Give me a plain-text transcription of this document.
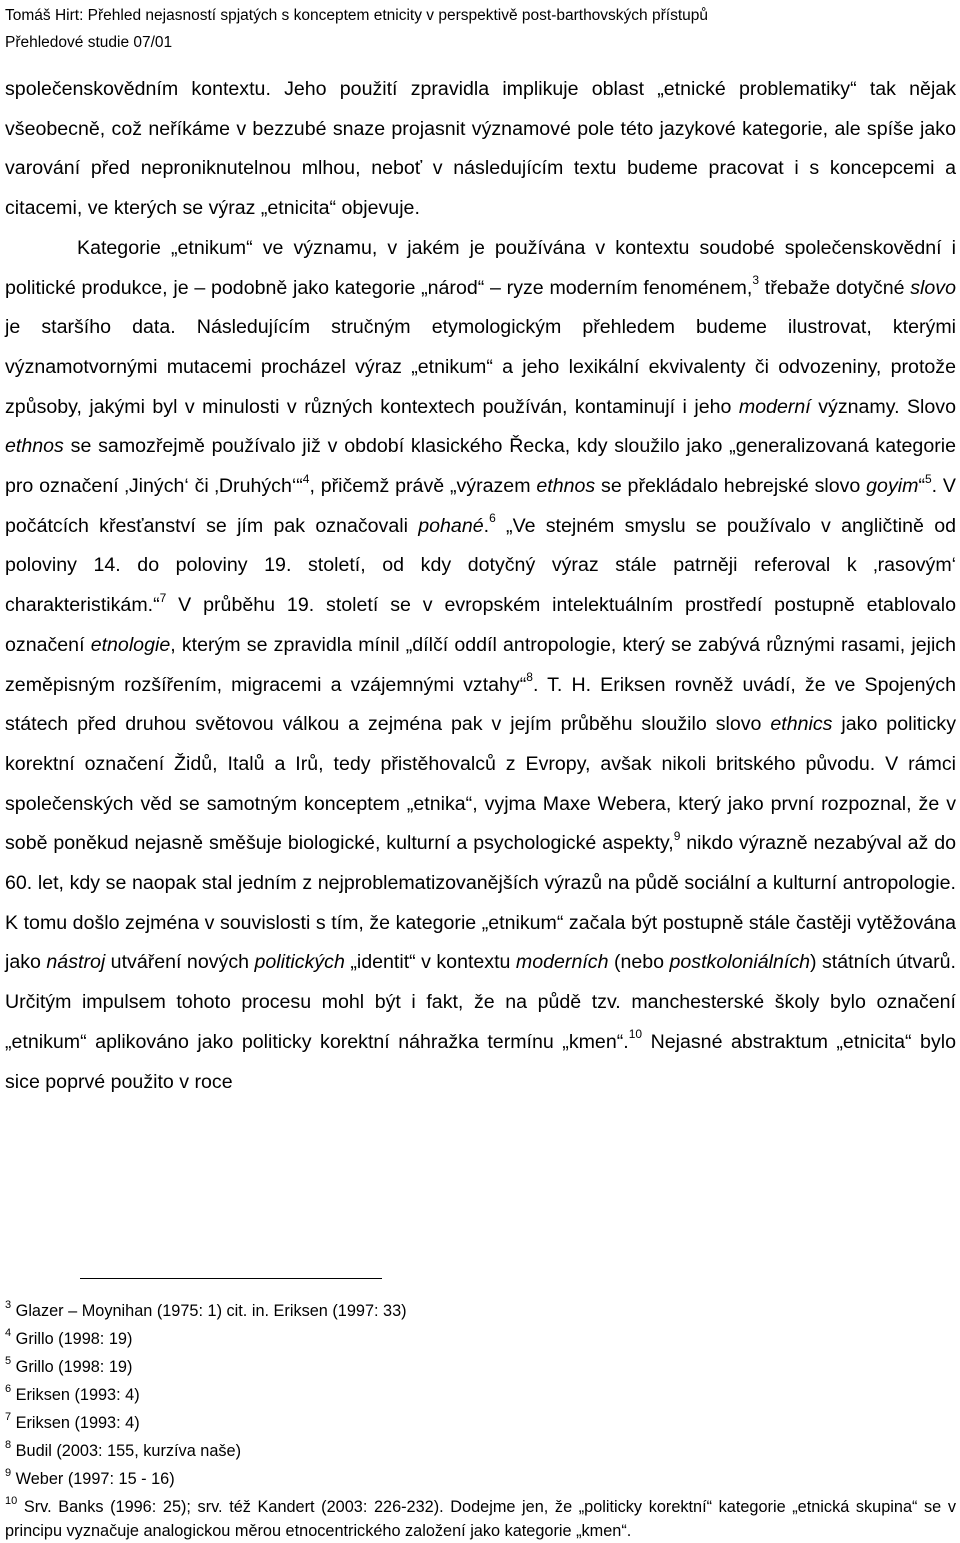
Tomáš Hirt: Přehled nejasností spjatých s konceptem etnicity v perspektivě post-barthovských přístupů
Přehledové studie 07/01

společenskovědním kontextu. Jeho použití zpravidla implikuje oblast „etnické problematiky“ tak nějak všeobecně, což neříkáme v bezzubé snaze projasnit významové pole této jazykové kategorie, ale spíše jako varování před neproniknutelnou mlhou, neboť v následujícím textu budeme pracovat i s koncepcemi a citacemi, ve kterých se výraz „etnicita“ objevuje.

Kategorie „etnikum“ ve významu, v jakém je používána v kontextu soudobé společenskovědní i politické produkce, je – podobně jako kategorie „národ“ – ryze moderním fenoménem,$^3$ třebaže dotyčné slovo je staršího data. Následujícím stručným etymologickým přehledem budeme ilustrovat, kterými významotvornými mutacemi procházel výraz „etnikum“ a jeho lexikální ekvivalenty či odvozeniny, protože způsoby, jakými byl v minulosti v různých kontextech používán, kontaminují i jeho moderní významy. Slovo ethnos se samozřejmě používalo již v období klasického Řecka, kdy sloužilo jako „generalizovaná kategorie pro označení ‚Jiných‘ či ‚Druhých‘“$^4$, přičemž právě „výrazem ethnos se překládalo hebrejské slovo goyim“$^5$. V počátcích křesťanství se jím pak označovali pohané.$^6$ „Ve stejném smyslu se používalo v angličtině od poloviny 14. do poloviny 19. století, od kdy dotyčný výraz stále patrněji referoval k ‚rasovým‘ charakteristikám.“$^7$ V průběhu 19. století se v evropském intelektuálním prostředí postupně etablovalo označení etnologie, kterým se zpravidla mínil „dílčí oddíl antropologie, který se zabývá různými rasami, jejich zeměpisným rozšířením, migracemi a vzájemnými vztahy“$^8$. T. H. Eriksen rovněž uvádí, že ve Spojených státech před druhou světovou válkou a zejména pak v jejím průběhu sloužilo slovo ethnics jako politicky korektní označení Židů, Italů a Irů, tedy přistěhovalců z Evropy, avšak nikoli britského původu. V rámci společenských věd se samotným konceptem „etnika“, vyjma Maxe Webera, který jako první rozpoznal, že v sobě poněkud nejasně směšuje biologické, kulturní a psychologické aspekty,$^9$ nikdo výrazně nezabýval až do 60. let, kdy se naopak stal jedním z nejproblematizovanějších výrazů na půdě sociální a kulturní antropologie. K tomu došlo zejména v souvislosti s tím, že kategorie „etnikum“ začala být postupně stále častěji vytěžována jako nástroj utváření nových politických „identit“ v kontextu moderních (nebo postkoloniálních) státních útvarů. Určitým impulsem tohoto procesu mohl být i fakt, že na půdě tzv. manchesterské školy bylo označení „etnikum“ aplikováno jako politicky korektní náhražka termínu „kmen“.$^{10}$ Nejasné abstraktum „etnicita“ bylo sice poprvé použito v roce

$^3$ Glazer – Moynihan (1975: 1) cit. in. Eriksen (1997: 33)

$^4$ Grillo (1998: 19)

$^5$ Grillo (1998: 19)

$^6$ Eriksen (1993: 4)

$^7$ Eriksen (1993: 4)

$^8$ Budil (2003: 155, kurzíva naše)

$^9$ Weber (1997: 15 - 16)

$^{10}$ Srv. Banks (1996: 25); srv. též Kandert (2003: 226-232). Dodejme jen, že „politicky korektní“ kategorie „etnická skupina“ se v principu vyznačuje analogickou měrou etnocentrického založení jako kategorie „kmen“.
